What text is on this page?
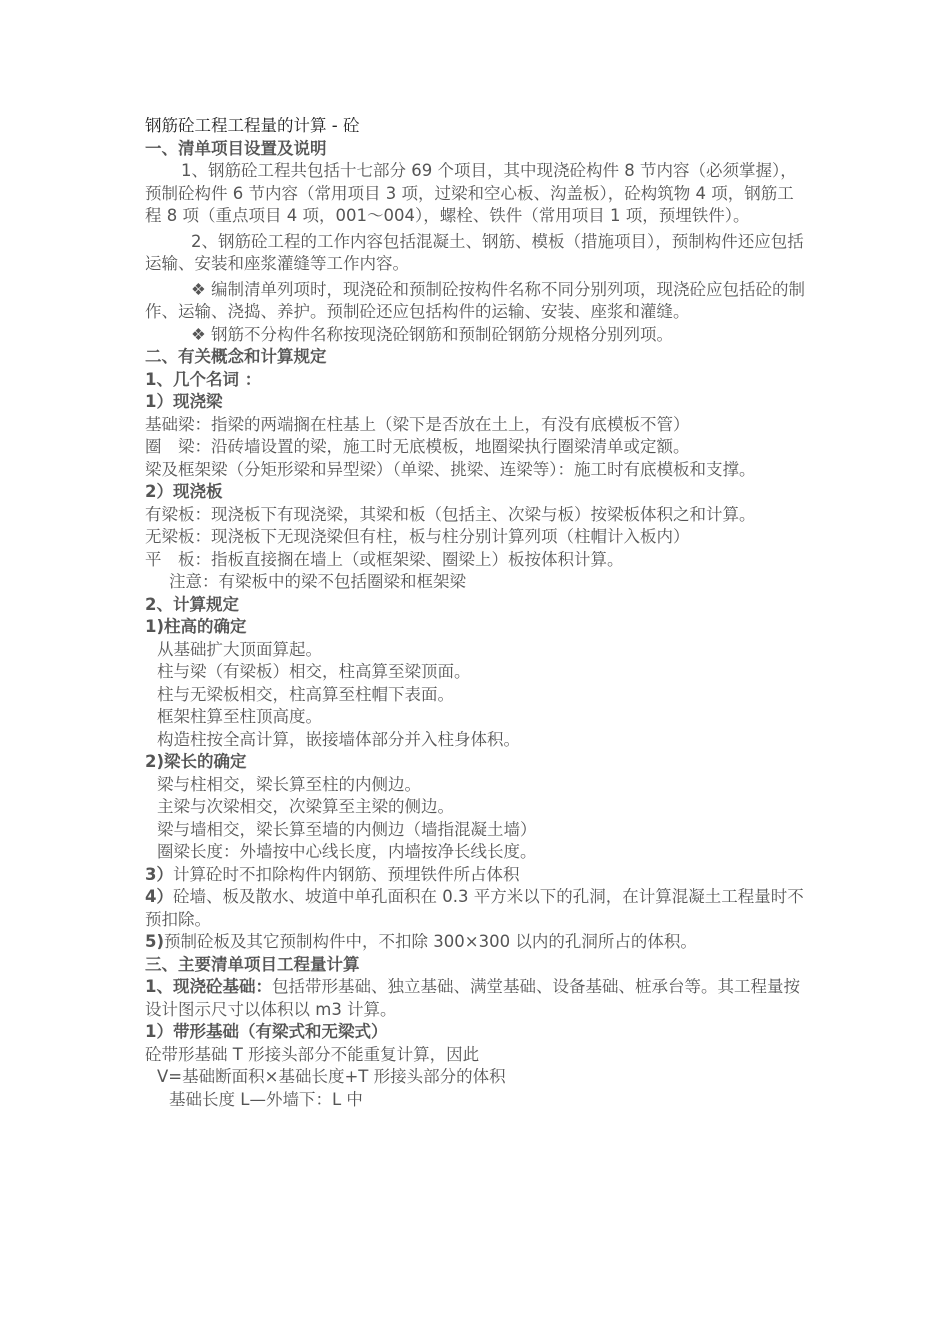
钢筋砼工程工程量的计算 - 砼

一、清单项目设置及说明

1、钢筋砼工程共包括十七部分 69 个项目，其中现浇砼构件 8 节内容（必须掌握），预制砼构件 6 节内容（常用项目 3 项，过梁和空心板、沟盖板），砼构筑物 4 项，钢筋工程 8 项（重点项目 4 项，001～004），螺栓、铁件（常用项目 1 项，预埋铁件）。

2、钢筋砼工程的工作内容包括混凝土、钢筋、模板（措施项目），预制构件还应包括运输、安装和座浆灌缝等工作内容。

❖ 编制清单列项时，现浇砼和预制砼按构件名称不同分别列项，现浇砼应包括砼的制作、运输、浇捣、养护。预制砼还应包括构件的运输、安装、座浆和灌缝。

❖ 钢筋不分构件名称按现浇砼钢筋和预制砼钢筋分规格分别列项。

二、有关概念和计算规定

1、几个名词 ：

1）现浇梁

基础梁：指梁的两端搁在柱基上（梁下是否放在土上，有没有底模板不管）

圈　梁：沿砖墙设置的梁，施工时无底模板，地圈梁执行圈梁清单或定额。

梁及框架梁（分矩形梁和异型梁）（单梁、挑梁、连梁等）：施工时有底模板和支撑。

2）现浇板

有梁板：现浇板下有现浇梁，其梁和板（包括主、次梁与板）按梁板体积之和计算。

无梁板：现浇板下无现浇梁但有柱，板与柱分别计算列项（柱帽计入板内）

平　板：指板直接搁在墙上（或框架梁、圈梁上）板按体积计算。

注意：有梁板中的梁不包括圈梁和框架梁

2、计算规定

1)柱高的确定

从基础扩大顶面算起。

柱与梁（有梁板）相交，柱高算至梁顶面。

柱与无梁板相交，柱高算至柱帽下表面。

框架柱算至柱顶高度。

构造柱按全高计算，嵌接墙体部分并入柱身体积。

2)梁长的确定

梁与柱相交，梁长算至柱的内侧边。

主梁与次梁相交，次梁算至主梁的侧边。

梁与墙相交，梁长算至墙的内侧边（墙指混凝土墙）

圈梁长度：外墙按中心线长度，内墙按净长线长度。

3）计算砼时不扣除构件内钢筋、预埋铁件所占体积

4）砼墙、板及散水、坡道中单孔面积在 0.3 平方米以下的孔洞，在计算混凝土工程量时不预扣除。

5)预制砼板及其它预制构件中，不扣除 300×300 以内的孔洞所占的体积。

三、主要清单项目工程量计算

1、现浇砼基础：包括带形基础、独立基础、满堂基础、设备基础、桩承台等。其工程量按设计图示尺寸以体积以 m3 计算。

1）带形基础（有梁式和无梁式）

砼带形基础 T 形接头部分不能重复计算，因此

V=基础断面积×基础长度+T 形接头部分的体积

基础长度 L—外墙下：L 中
